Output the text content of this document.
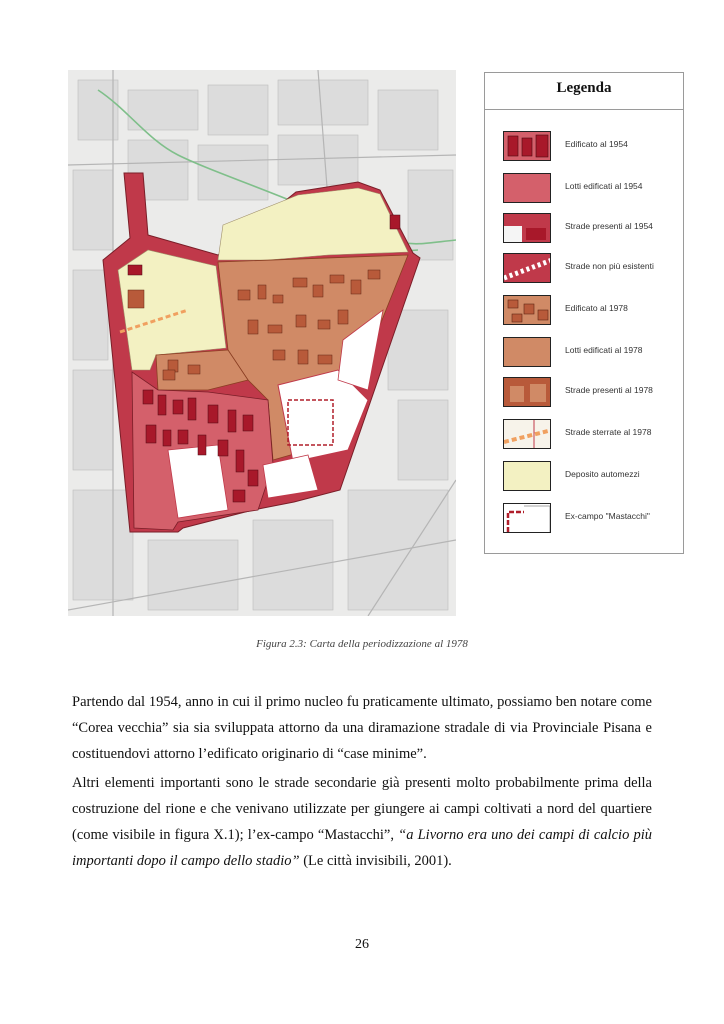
Legenda
Edificato al 1954
Lotti edificati al 1954
Strade presenti al 1954
Strade non più esistenti
Edificato al 1978
Lotti edificati al 1978
Strade presenti al 1978
Strade sterrate al 1978
Deposito automezzi
Ex-campo "Mastacchi"
Figura 2.3: Carta della periodizzazione al 1978

Partendo dal 1954, anno in cui il primo nucleo fu praticamente ultimato, possiamo ben notare come “Corea vecchia” sia sia sviluppata attorno da una diramazione stradale di via Provinciale Pisana e costituendovi attorno l’edificato originario di “case minime”.

Altri elementi importanti sono le strade secondarie già presenti molto probabilmente prima della costruzione del rione e che venivano utilizzate per giungere ai campi coltivati a nord del quartiere (come visibile in figura X.1); l’ex-campo “Mastacchi”, “a Livorno era uno dei campi di calcio più importanti dopo il campo dello stadio” (Le città invisibili, 2001).

26
